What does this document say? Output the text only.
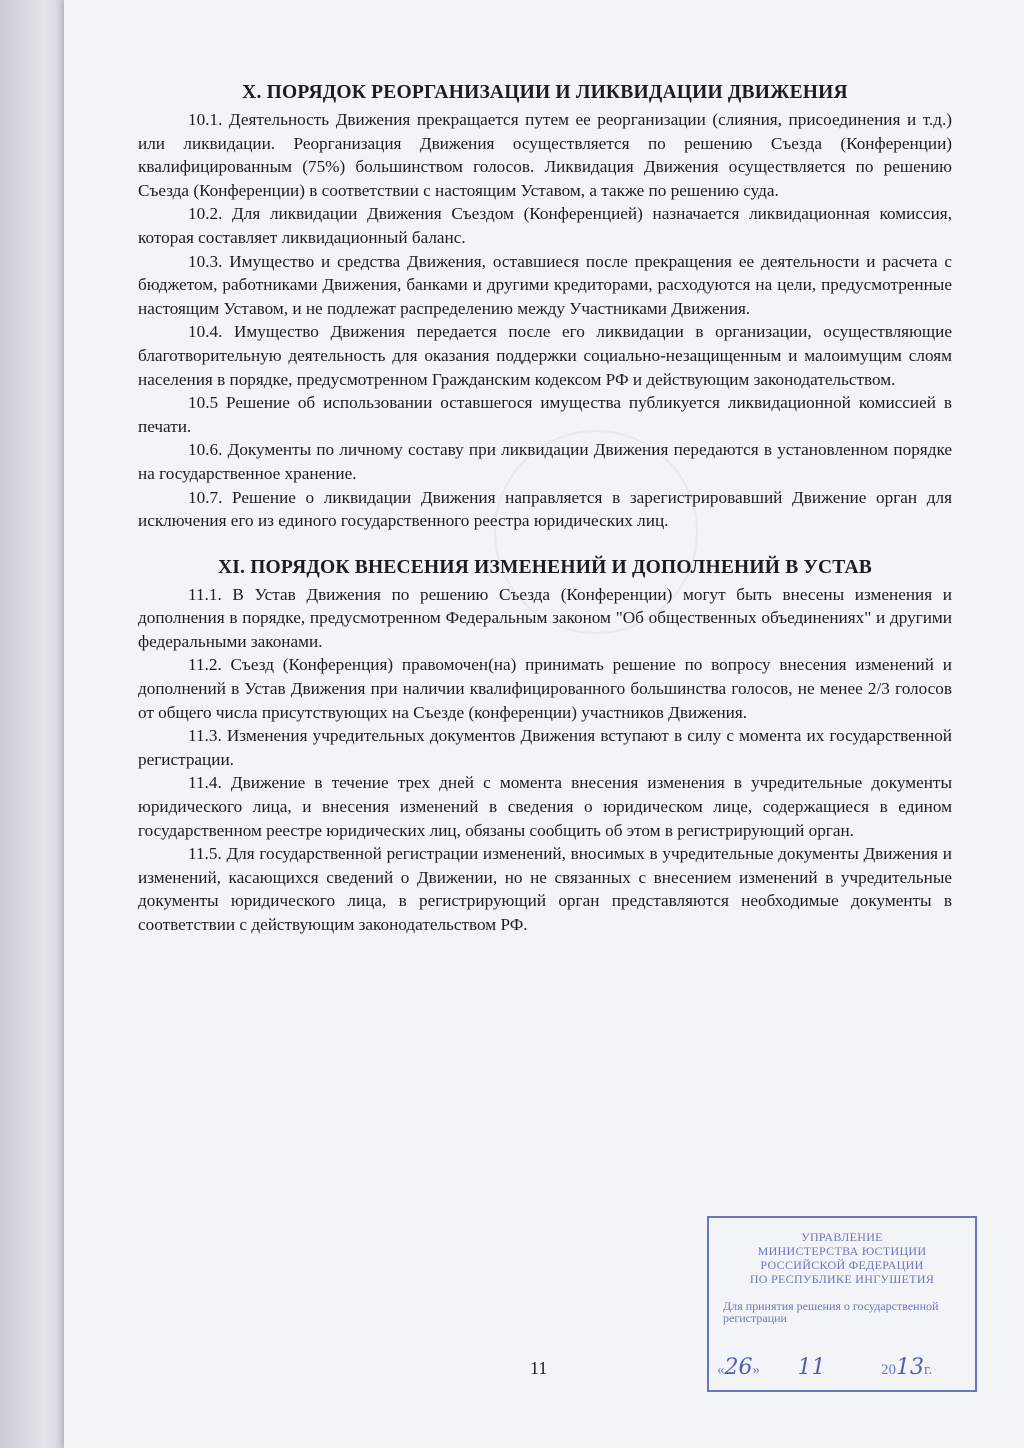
X. ПОРЯДОК РЕОРГАНИЗАЦИИ И ЛИКВИДАЦИИ ДВИЖЕНИЯ

10.1. Деятельность Движения прекращается путем ее реорганизации (слияния, присоединения и т.д.) или ликвидации. Реорганизация Движения осуществляется по решению Съезда (Конференции) квалифицированным (75%) большинством голосов. Ликвидация Движения осуществляется по решению Съезда (Конференции) в соответствии с настоящим Уставом, а также по решению суда.

10.2. Для ликвидации Движения Съездом (Конференцией) назначается ликвидационная комиссия, которая составляет ликвидационный баланс.

10.3. Имущество и средства Движения, оставшиеся после прекращения ее деятельности и расчета с бюджетом, работниками Движения, банками и другими кредиторами, расходуются на цели, предусмотренные настоящим Уставом, и не подлежат распределению между Участниками Движения.

10.4. Имущество Движения передается после его ликвидации в организации, осуществляющие благотворительную деятельность для оказания поддержки социально-незащищенным и малоимущим слоям населения в порядке, предусмотренном Гражданским кодексом РФ и действующим законодательством.

10.5 Решение об использовании оставшегося имущества публикуется ликвидационной комиссией в печати.

10.6. Документы по личному составу при ликвидации Движения передаются в установленном порядке на государственное хранение.

10.7. Решение о ликвидации Движения направляется в зарегистрировавший Движение орган для исключения его из единого государственного реестра юридических лиц.

XI. ПОРЯДОК ВНЕСЕНИЯ ИЗМЕНЕНИЙ И ДОПОЛНЕНИЙ В УСТАВ

11.1. В Устав Движения по решению Съезда (Конференции) могут быть внесены изменения и дополнения в порядке, предусмотренном Федеральным законом "Об общественных объединениях" и другими федеральными законами.

11.2. Съезд (Конференция) правомочен(на) принимать решение по вопросу внесения изменений и дополнений в Устав Движения при наличии квалифицированного большинства голосов, не менее 2/3 голосов от общего числа присутствующих на Съезде (конференции) участников Движения.

11.3. Изменения учредительных документов Движения вступают в силу с момента их государственной регистрации.

11.4. Движение в течение трех дней с момента внесения изменения в учредительные документы юридического лица, и внесения изменений в сведения о юридическом лице, содержащиеся в едином государственном реестре юридических лиц, обязаны сообщить об этом в регистрирующий орган.

11.5. Для государственной регистрации изменений, вносимых в учредительные документы Движения и изменений, касающихся сведений о Движении, но не связанных с внесением изменений в учредительные документы юридического лица, в регистрирующий орган представляются необходимые документы в соответствии с действующим законодательством РФ.

11
УПРАВЛЕНИЕ
МИНИСТЕРСТВА ЮСТИЦИИ
РОССИЙСКОЙ ФЕДЕРАЦИИ
ПО РЕСПУБЛИКЕ ИНГУШЕТИЯ
Для принятия решения о государственной регистрации
«26»  11	2013г.
